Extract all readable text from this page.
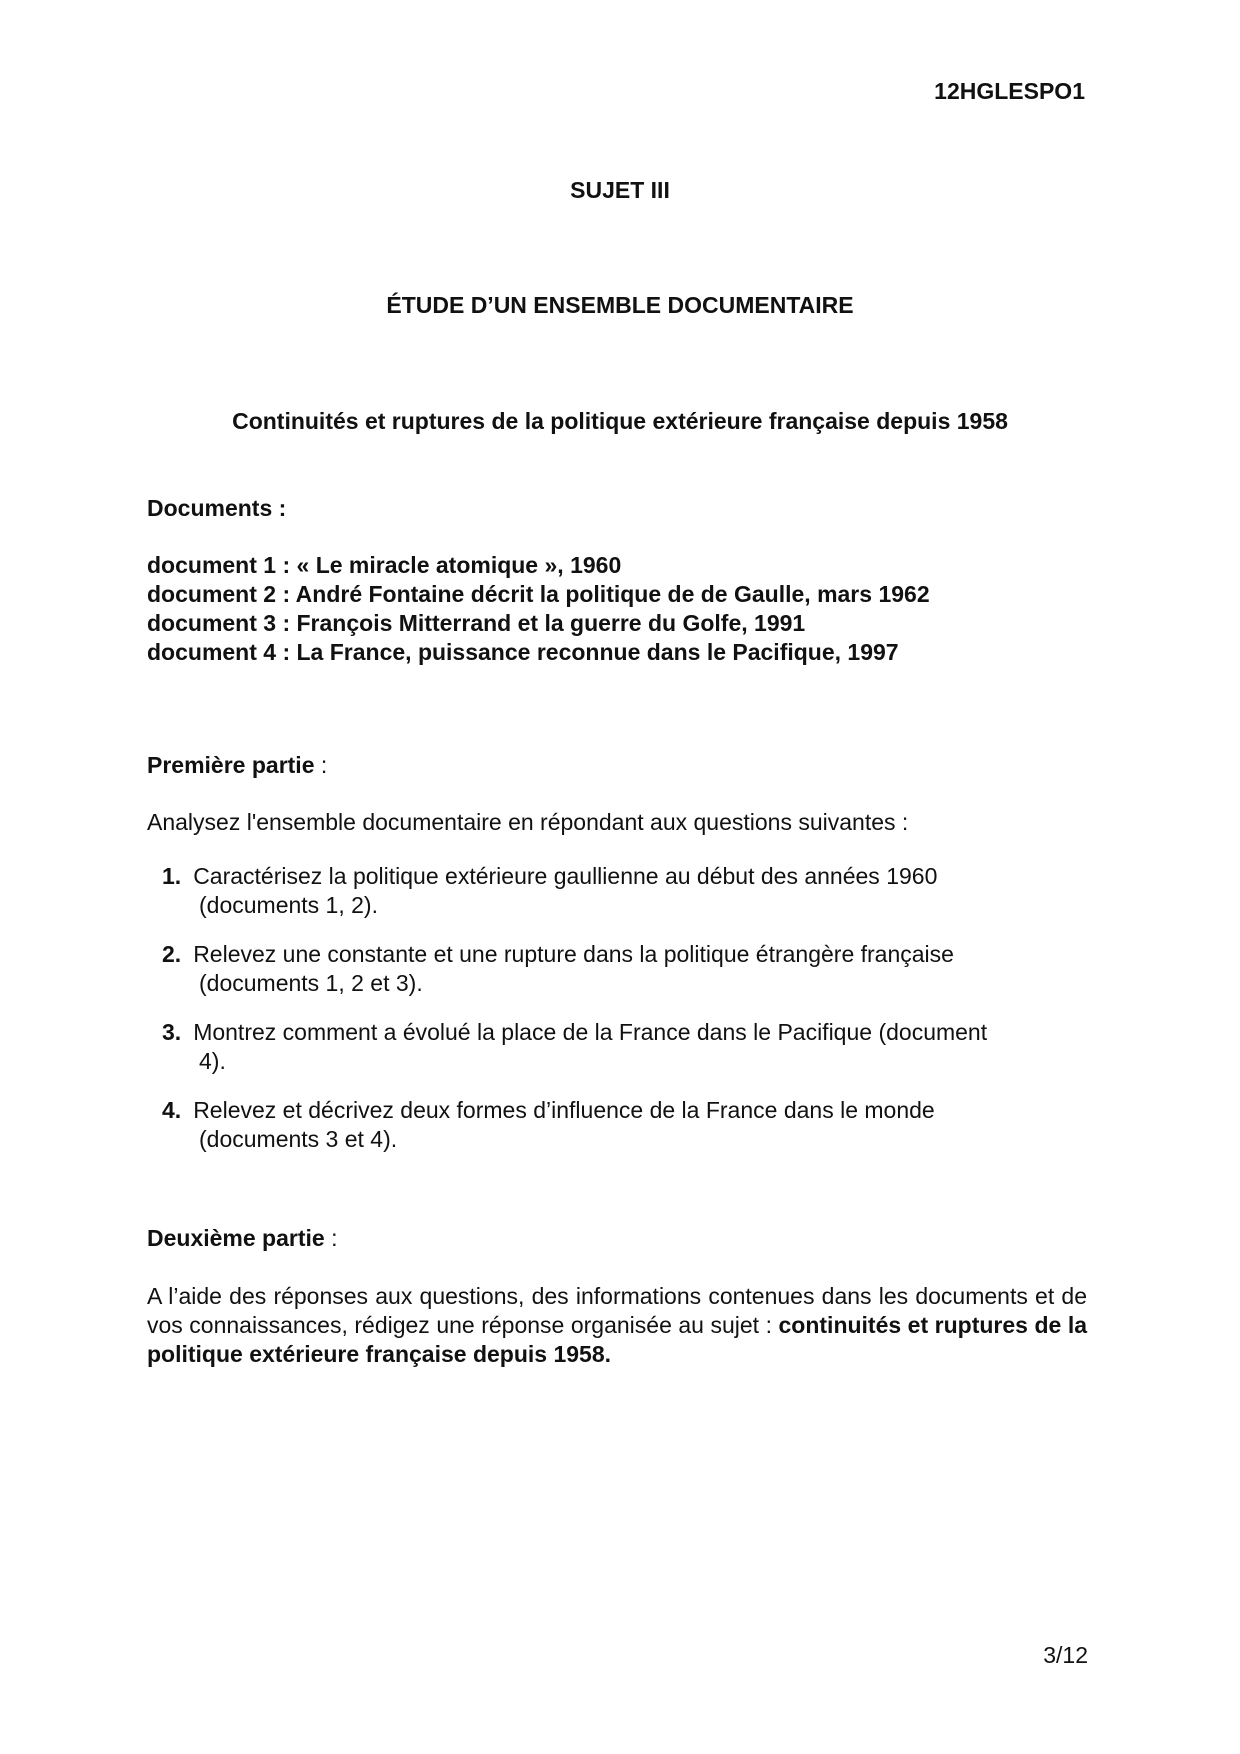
12HGLESPO1
SUJET III
ÉTUDE D’UN ENSEMBLE DOCUMENTAIRE
Continuités et ruptures de la politique extérieure française depuis 1958
Documents :
document 1 : « Le miracle atomique », 1960
document 2 : André Fontaine décrit la politique de de Gaulle, mars 1962
document 3 : François Mitterrand et la guerre du Golfe, 1991
document 4 : La France, puissance reconnue dans le Pacifique, 1997
Première partie :
Analysez l'ensemble documentaire en répondant aux questions suivantes :
1. Caractérisez la politique extérieure gaullienne au début des années 1960
(documents 1, 2).
2. Relevez une constante et une rupture dans la politique étrangère française
(documents 1, 2 et 3).
3. Montrez comment a évolué la place de la France dans le Pacifique (document
4).
4. Relevez et décrivez deux formes d’influence de la France dans le monde
(documents 3 et 4).
Deuxième partie :
A l’aide des réponses aux questions, des informations contenues dans les documents et de vos connaissances, rédigez une réponse organisée au sujet : continuités et ruptures de la politique extérieure française depuis 1958.
3/12
